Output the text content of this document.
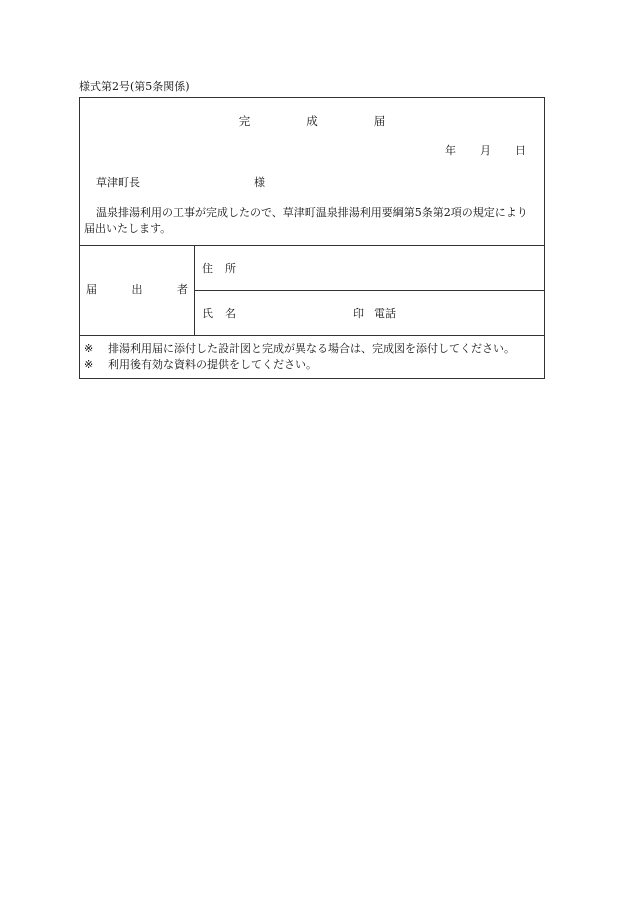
様式第2号(第5条関係)
完	成	届
年 月 日
草津町長	様
温泉排湯利用の工事が完成したので、草津町温泉排湯利用要綱第5条第2項の規定により届出いたします。
届	出	者
住 所
氏 名	印 電話
※ 排湯利用届に添付した設計図と完成が異なる場合は、完成図を添付してください。
※ 利用後有効な資料の提供をしてください。
